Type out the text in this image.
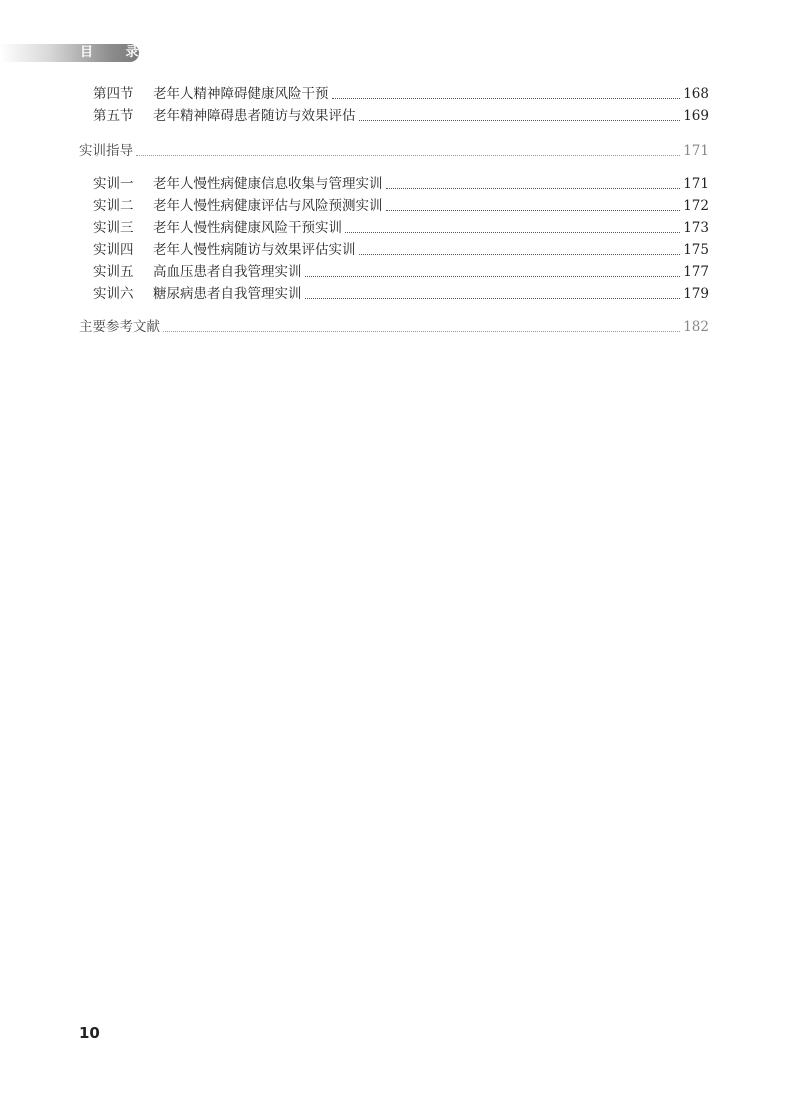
目 录
第四节	老年人精神障碍健康风险干预	168
第五节	老年精神障碍患者随访与效果评估	169
实训指导	171
实训一	老年人慢性病健康信息收集与管理实训	171
实训二	老年人慢性病健康评估与风险预测实训	172
实训三	老年人慢性病健康风险干预实训	173
实训四	老年人慢性病随访与效果评估实训	175
实训五	高血压患者自我管理实训	177
实训六	糖尿病患者自我管理实训	179
主要参考文献	182
10
